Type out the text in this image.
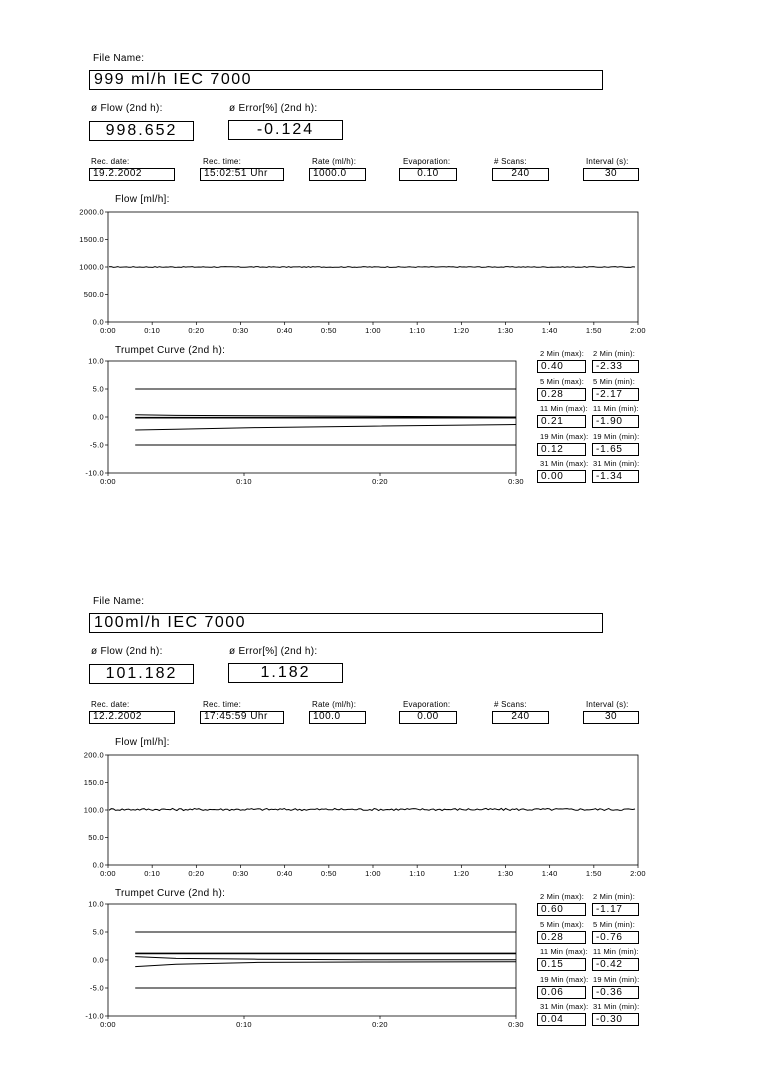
File Name:
999 ml/h IEC 7000
ø Flow (2nd h):
998.652
ø Error[%] (2nd h):
-0.124
Rec. date:
19.2.2002
Rec. time:
15:02:51 Uhr
Rate (ml/h):
1000.0
Evaporation:
0.10
# Scans:
240
Interval (s):
30
Flow [ml/h]:
Trumpet Curve (2nd h):
0.0
500.0
1000.0
1500.0
2000.0
0:00	0:10	0:20	0:30	0:40	0:50	1:00	1:10	1:20	1:30	1:40	1:50	2:00
-10.0
-5.0
0.0
5.0
10.0
0:00	0:10	0:20	0:30
2 Min (max): 2 Min (min):
0.40	-2.33
5 Min (max): 5 Min (min):
0.28	-2.17
11 Min (max): 11 Min (min):
0.21	-1.90
19 Min (max): 19 Min (min):
0.12	-1.65
31 Min (max): 31 Min (min):
0.00	-1.34
File Name:
100ml/h IEC 7000
ø Flow (2nd h):
101.182
ø Error[%] (2nd h):
1.182
Rec. date:
12.2.2002
Rec. time:
17:45:59 Uhr
Rate (ml/h):
100.0
Evaporation:
0.00
# Scans:
240
Interval (s):
30
Flow [ml/h]:
Trumpet Curve (2nd h):
0.0
50.0
100.0
150.0
200.0
0:00	0:10	0:20	0:30	0:40	0:50	1:00	1:10	1:20	1:30	1:40	1:50	2:00
-10.0
-5.0
0.0
5.0
10.0
0:00	0:10	0:20	0:30
2 Min (max): 2 Min (min):
0.60	-1.17
5 Min (max): 5 Min (min):
0.28	-0.76
11 Min (max): 11 Min (min):
0.15	-0.42
19 Min (max): 19 Min (min):
0.06	-0.36
31 Min (max): 31 Min (min):
0.04	-0.30
